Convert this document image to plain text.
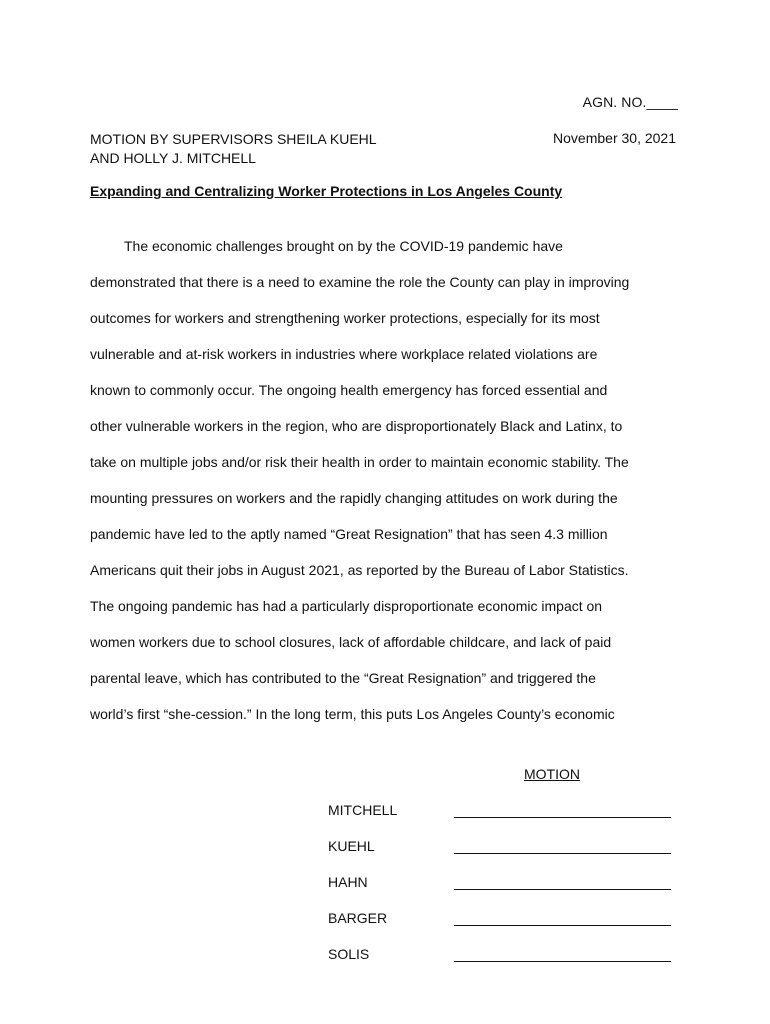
AGN. NO.____
MOTION BY SUPERVISORS SHEILA KUEHL
AND HOLLY J. MITCHELL
November 30, 2021
Expanding and Centralizing Worker Protections in Los Angeles County
The economic challenges brought on by the COVID-19 pandemic have
demonstrated that there is a need to examine the role the County can play in improving
outcomes for workers and strengthening worker protections, especially for its most
vulnerable and at-risk workers in industries where workplace related violations are
known to commonly occur. The ongoing health emergency has forced essential and
other vulnerable workers in the region, who are disproportionately Black and Latinx, to
take on multiple jobs and/or risk their health in order to maintain economic stability. The
mounting pressures on workers and the rapidly changing attitudes on work during the
pandemic have led to the aptly named “Great Resignation” that has seen 4.3 million
Americans quit their jobs in August 2021, as reported by the Bureau of Labor Statistics.
The ongoing pandemic has had a particularly disproportionate economic impact on
women workers due to school closures, lack of affordable childcare, and lack of paid
parental leave, which has contributed to the “Great Resignation” and triggered the
world’s first “she-cession.” In the long term, this puts Los Angeles County’s economic
MOTION
MITCHELL
KUEHL
HAHN
BARGER
SOLIS
